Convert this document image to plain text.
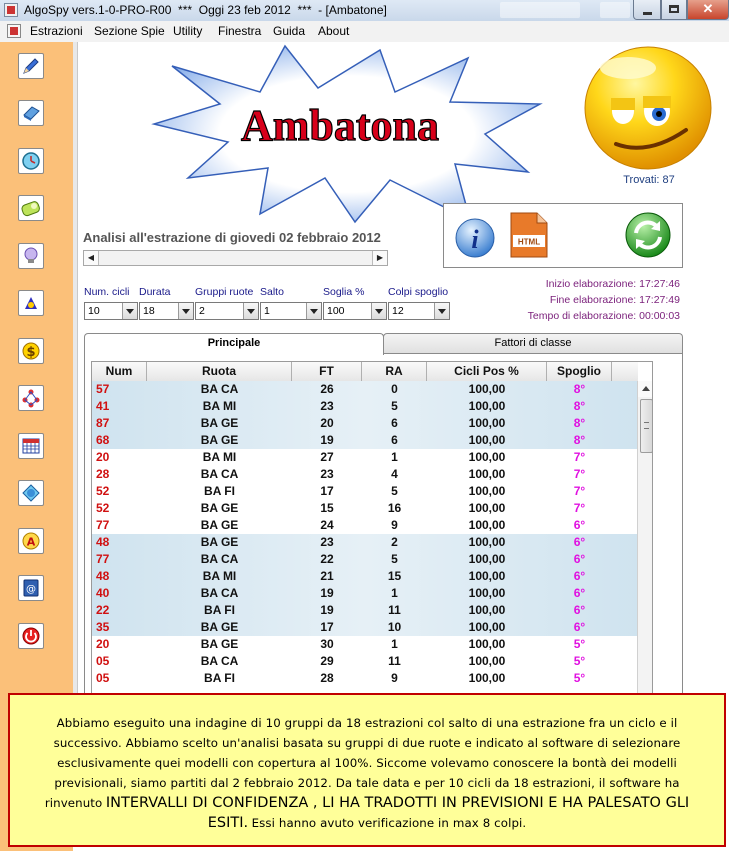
AlgoSpy vers.1-0-PRO-R00  ***  Oggi 23 feb 2012  ***  - [Ambatone]	✕
Estrazioni Sezione Spie Utility Finestra Guida About
$
A
@
Ambatona
Trovati: 87
Analisi all'estrazione di giovedi 02 febbraio 2012
◀	▶
i	HTML
Inizio elaborazione: 17:27:46
Fine elaborazione: 17:27:49
Tempo di elaborazione: 00:00:03
Num. cicli Durata Gruppi ruote Salto	Soglia % Colpi spoglio
10	18	2	1	100	12
Fattori di classe
Principale
Num	Ruota	FT	RA	Cicli Pos %	Spoglio
57	BA CA	26	0	100,00	8°
41	BA MI	23	5	100,00	8°
87	BA GE	20	6	100,00	8°
68	BA GE	19	6	100,00	8°
20	BA MI	27	1	100,00	7°
28	BA CA	23	4	100,00	7°
52	BA FI	17	5	100,00	7°
52	BA GE	15	16	100,00	7°
77	BA GE	24	9	100,00	6°
48	BA GE	23	2	100,00	6°
77	BA CA	22	5	100,00	6°
48	BA MI	21	15	100,00	6°
40	BA CA	19	1	100,00	6°
22	BA FI	19	11	100,00	6°
35	BA GE	17	10	100,00	6°
20	BA GE	30	1	100,00	5°
05	BA CA	29	11	100,00	5°
05	BA FI	28	9	100,00	5°
Abbiamo eseguito una indagine di 10 gruppi da 18 estrazioni col salto di una estrazione fra un ciclo e il successivo. Abbiamo scelto un'analisi basata su gruppi di due ruote e indicato al software di selezionare esclusivamente quei modelli con copertura al 100%. Siccome volevamo conoscere la bontà dei modelli previsionali, siamo partiti dal 2 febbraio 2012. Da tale data e per 10 cicli da 18 estrazioni, il software ha rinvenuto INTERVALLI DI CONFIDENZA , LI HA TRADOTTI IN PREVISIONI E HA PALESATO GLI ESITI. Essi hanno avuto verificazione in max 8 colpi.
